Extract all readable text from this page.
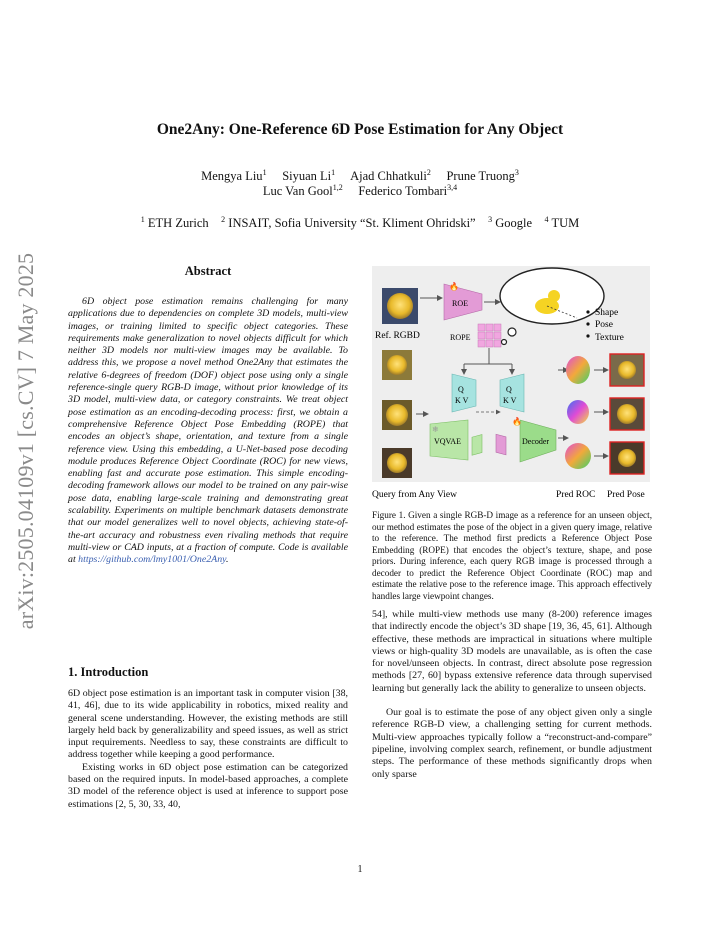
arXiv:2505.04109v1 [cs.CV] 7 May 2025
One2Any: One-Reference 6D Pose Estimation for Any Object
Mengya Liu$^1$ Siyuan Li$^1$ Ajad Chhatkuli$^2$ Prune Truong$^3$
Luc Van Gool$^{1,2}$ Federico Tombari$^{3,4}$
$^1$ ETH Zurich $^2$ INSAIT, Sofia University “St. Kliment Ohridski” $^3$ Google $^4$ TUM
Abstract
6D object pose estimation remains challenging for many applications due to dependencies on complete 3D models, multi-view images, or training limited to specific object categories. These requirements make generalization to novel objects difficult for which neither 3D models nor multi-view images may be available. To address this, we propose a novel method One2Any that estimates the relative 6-degrees of freedom (DOF) object pose using only a single reference-single query RGB-D image, without prior knowledge of its 3D model, multi-view data, or category constraints. We treat object pose estimation as an encoding-decoding process: first, we obtain a comprehensive Reference Object Pose Embedding (ROPE) that encodes an object’s shape, orientation, and texture from a single reference view. Using this embedding, a U-Net-based pose decoding module produces Reference Object Coordinate (ROC) for new views, enabling fast and accurate pose estimation. This simple encoding-decoding framework allows our model to be trained on any pair-wise pose data, enabling large-scale training and demonstrating great scalability. Experiments on multiple benchmark datasets demonstrate that our model generalizes well to novel objects, achieving state-of-the-art accuracy and robustness even rivaling methods that require multi-view or CAD inputs, at a fraction of compute. Code is available at https://github.com/lmy1001/One2Any.
1. Introduction

6D object pose estimation is an important task in computer vision [38, 41, 46], due to its wide applicability in robotics, mixed reality and general scene understanding. However, the existing methods are still largely held back by generalizability and speed issues, as well as strict input requirements. Needless to say, these constraints are difficult to address together while keeping a good performance.

Existing works in 6D object pose estimation can be categorized based on the required inputs. In model-based approaches, a complete 3D model of the reference object is used at inference to support pose estimations [2, 5, 30, 33, 40,

Ref. RGBD
ROE
🔥
ROPE
Shape
Pose
Texture
Query from Any View
Q
K V
Q
K V
VQVAE
❄
Decoder
🔥
Pred ROC Pred Pose
Figure 1. Given a single RGB-D image as a reference for an unseen object, our method estimates the pose of the object in a given query image, relative to the reference. The method first predicts a Reference Object Pose Embedding (ROPE) that encodes the object’s texture, shape, and pose priors. During inference, each query RGB image is processed through a decoder to predict the Reference Object Coordinate (ROC) map and estimate the relative pose to the reference image. This approach effectively handles large viewpoint changes.

54], while multi-view methods use many (8-200) reference images that indirectly encode the object’s 3D shape [19, 36, 45, 61]. Although effective, these methods are impractical in situations where multiple views or high-quality 3D models are unavailable, as is often the case for novel/unseen objects. In contrast, direct absolute pose regression methods [27, 60] bypass extensive reference data through supervised learning but generally lack the ability to generalize to unseen objects.

Our goal is to estimate the pose of any object given only a single reference RGB-D view, a challenging setting for current methods. Multi-view approaches typically follow a “reconstruct-and-compare” pipeline, involving complex search, refinement, or bundle adjustment steps. The performance of these methods significantly drops when only sparse

1
